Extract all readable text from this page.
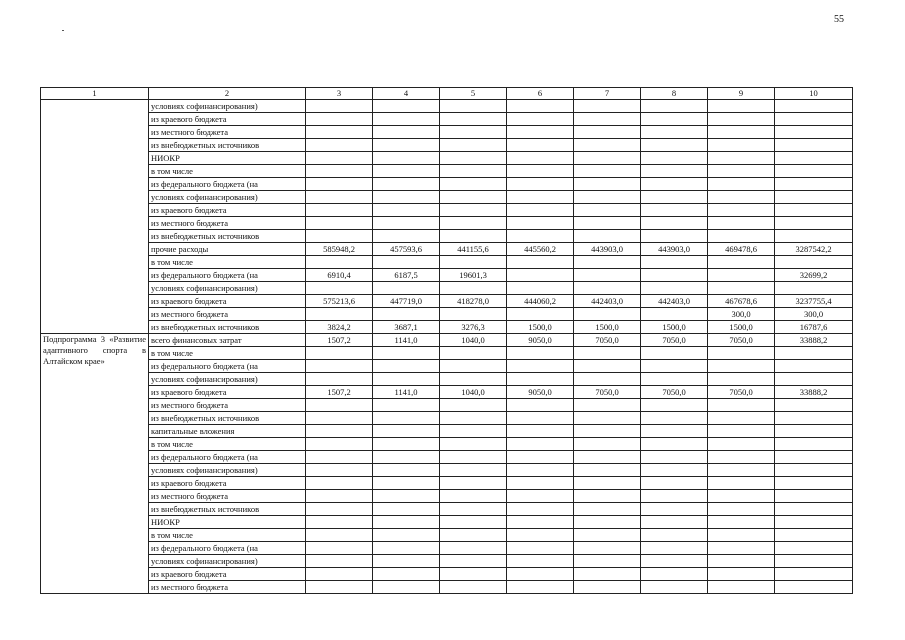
55
1	2	3	4	5	6	7	8	9	10
	условиях софинансирования)								
	из краевого бюджета								
	из местного бюджета								
	из внебюджетных источников								
	НИОКР								
	в том числе								
	из федерального бюджета (на								
	условиях софинансирования)								
	из краевого бюджета								
	из местного бюджета								
	из внебюджетных источников								
	прочие расходы	585948,2	457593,6	441155,6	445560,2	443903,0	443903,0	469478,6	3287542,2
	в том числе								
	из федерального бюджета (на	6910,4	6187,5	19601,3					32699,2
	условиях софинансирования)								
	из краевого бюджета	575213,6	447719,0	418278,0	444060,2	442403,0	442403,0	467678,6	3237755,4
	из местного бюджета							300,0	300,0
	из внебюджетных источников	3824,2	3687,1	3276,3	1500,0	1500,0	1500,0	1500,0	16787,6
Подпрограмма 3 «Развитие адаптивного спорта в Алтайском крае»	всего финансовых затрат	1507,2	1141,0	1040,0	9050,0	7050,0	7050,0	7050,0	33888,2
	в том числе								
	из федерального бюджета (на								
	условиях софинансирования)								
	из краевого бюджета	1507,2	1141,0	1040,0	9050,0	7050,0	7050,0	7050,0	33888,2
	из местного бюджета								
	из внебюджетных источников								
	капитальные вложения								
	в том числе								
	из федерального бюджета (на								
	условиях софинансирования)								
	из краевого бюджета								
	из местного бюджета								
	из внебюджетных источников								
	НИОКР								
	в том числе								
	из федерального бюджета (на								
	условиях софинансирования)								
	из краевого бюджета								
	из местного бюджета								
